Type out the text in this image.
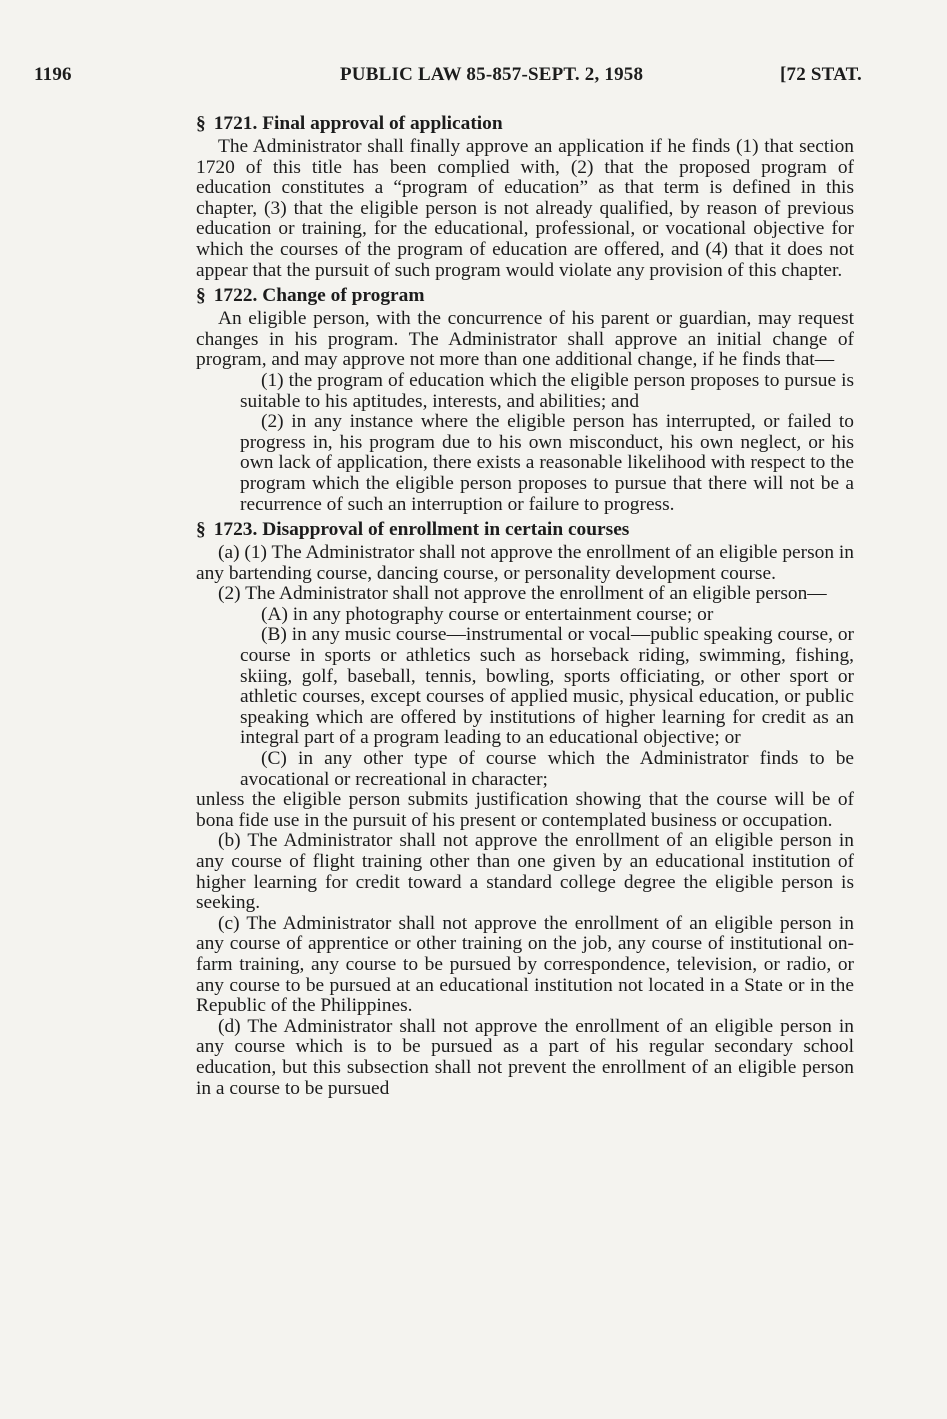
1196	PUBLIC LAW 85-857-SEPT. 2, 1958	[72 STAT.
§ 1721. Final approval of application

The Administrator shall finally approve an application if he finds (1) that section 1720 of this title has been complied with, (2) that the proposed program of education constitutes a “program of education” as that term is defined in this chapter, (3) that the eligible person is not already qualified, by reason of previous education or training, for the educational, professional, or vocational objective for which the courses of the program of education are offered, and (4) that it does not appear that the pursuit of such program would violate any provision of this chapter.

§ 1722. Change of program

An eligible person, with the concurrence of his parent or guardian, may request changes in his program. The Administrator shall approve an initial change of program, and may approve not more than one additional change, if he finds that—

(1) the program of education which the eligible person proposes to pursue is suitable to his aptitudes, interests, and abilities; and

(2) in any instance where the eligible person has interrupted, or failed to progress in, his program due to his own misconduct, his own neglect, or his own lack of application, there exists a reasonable likelihood with respect to the program which the eligible person proposes to pursue that there will not be a recurrence of such an interruption or failure to progress.

§ 1723. Disapproval of enrollment in certain courses

(a) (1) The Administrator shall not approve the enrollment of an eligible person in any bartending course, dancing course, or personality development course.

(2) The Administrator shall not approve the enrollment of an eligible person—

(A) in any photography course or entertainment course; or

(B) in any music course—instrumental or vocal—public speaking course, or course in sports or athletics such as horseback riding, swimming, fishing, skiing, golf, baseball, tennis, bowling, sports officiating, or other sport or athletic courses, except courses of applied music, physical education, or public speaking which are offered by institutions of higher learning for credit as an integral part of a program leading to an educational objective; or

(C) in any other type of course which the Administrator finds to be avocational or recreational in character;

unless the eligible person submits justification showing that the course will be of bona fide use in the pursuit of his present or contemplated business or occupation.

(b) The Administrator shall not approve the enrollment of an eligible person in any course of flight training other than one given by an educational institution of higher learning for credit toward a standard college degree the eligible person is seeking.

(c) The Administrator shall not approve the enrollment of an eligible person in any course of apprentice or other training on the job, any course of institutional on-farm training, any course to be pursued by correspondence, television, or radio, or any course to be pursued at an educational institution not located in a State or in the Republic of the Philippines.

(d) The Administrator shall not approve the enrollment of an eligible person in any course which is to be pursued as a part of his regular secondary school education, but this subsection shall not prevent the enrollment of an eligible person in a course to be pursued
